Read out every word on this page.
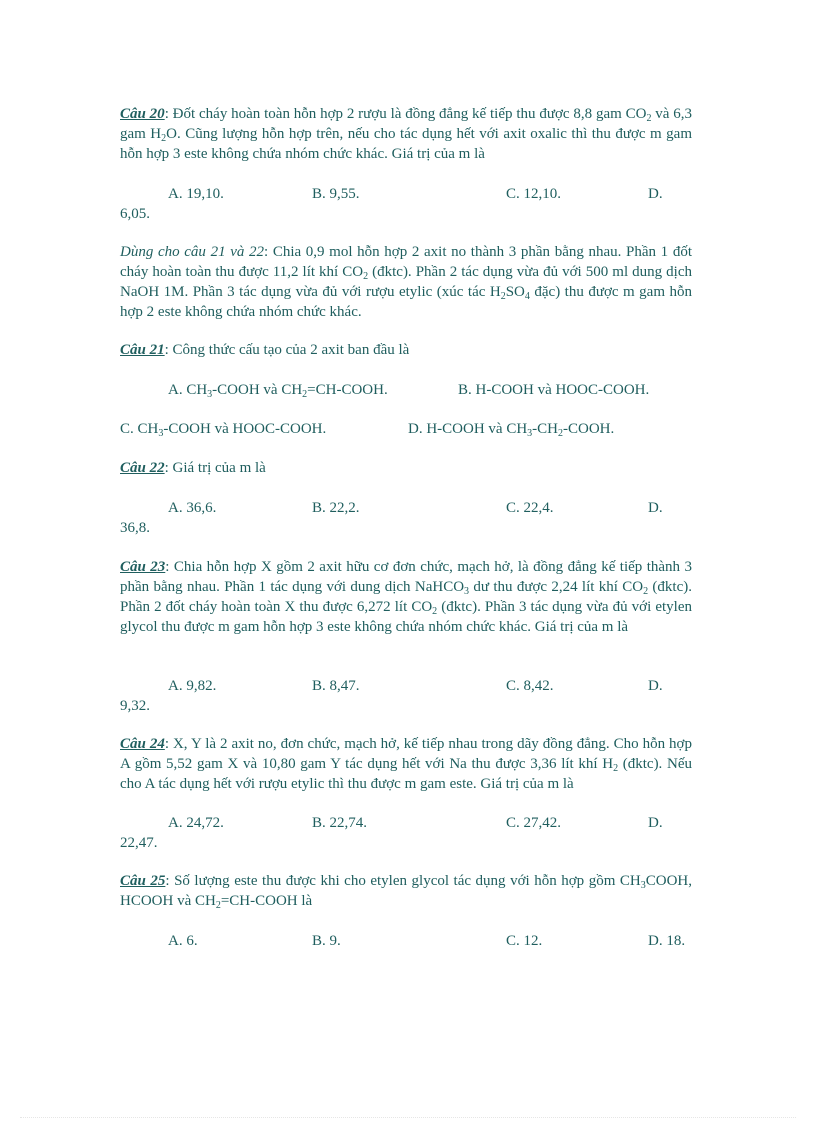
Câu 20: Đốt cháy hoàn toàn hỗn hợp 2 rượu là đồng đẳng kế tiếp thu được 8,8 gam $CO_2$ và 6,3 gam $H_2O$. Cũng lượng hỗn hợp trên, nếu cho tác dụng hết với axit oxalic thì thu được m gam hỗn hợp 3 este không chứa nhóm chức khác. Giá trị của m là
A. 19,10.	B. 9,55.	C. 12,10.	D.
6,05.
Dùng cho câu 21 và 22: Chia 0,9 mol hỗn hợp 2 axit no thành 3 phần bằng nhau. Phần 1 đốt cháy hoàn toàn thu được 11,2 lít khí $CO_2$ (đktc). Phần 2 tác dụng vừa đủ với 500 ml dung dịch NaOH 1M. Phần 3 tác dụng vừa đủ với rượu etylic (xúc tác $H_2SO_4$ đặc) thu được m gam hỗn hợp 2 este không chứa nhóm chức khác.
Câu 21: Công thức cấu tạo của 2 axit ban đầu là
A. $CH_3$-COOH và $CH_2=CH$-COOH.	B. H-COOH và HOOC-COOH.
C. $CH_3$-COOH và HOOC-COOH.	D. H-COOH và $CH_3-CH_2$-COOH.
Câu 22: Giá trị của m là
A. 36,6.	B. 22,2.	C. 22,4.	D.
36,8.
Câu 23: Chia hỗn hợp X gồm 2 axit hữu cơ đơn chức, mạch hở, là đồng đẳng kế tiếp thành 3 phần bằng nhau. Phần 1 tác dụng với dung dịch NaHCO$_3$ dư thu được 2,24 lít khí $CO_2$ (đktc). Phần 2 đốt cháy hoàn toàn X thu được 6,272 lít $CO_2$ (đktc). Phần 3 tác dụng vừa đủ với etylen glycol thu được m gam hỗn hợp 3 este không chứa nhóm chức khác. Giá trị của m là
A. 9,82.	B. 8,47.	C. 8,42.	D.
9,32.
Câu 24: X, Y là 2 axit no, đơn chức, mạch hở, kế tiếp nhau trong dãy đồng đẳng. Cho hỗn hợp A gồm 5,52 gam X và 10,80 gam Y tác dụng hết với Na thu được 3,36 lít khí $H_2$ (đktc). Nếu cho A tác dụng hết với rượu etylic thì thu được m gam este. Giá trị của m là
A. 24,72.	B. 22,74.	C. 27,42.	D.
22,47.
Câu 25: Số lượng este thu được khi cho etylen glycol tác dụng với hỗn hợp gồm $CH_3COOH$, HCOOH và $CH_2=CH$-COOH là
A. 6.	B. 9.	C. 12.	D. 18.
